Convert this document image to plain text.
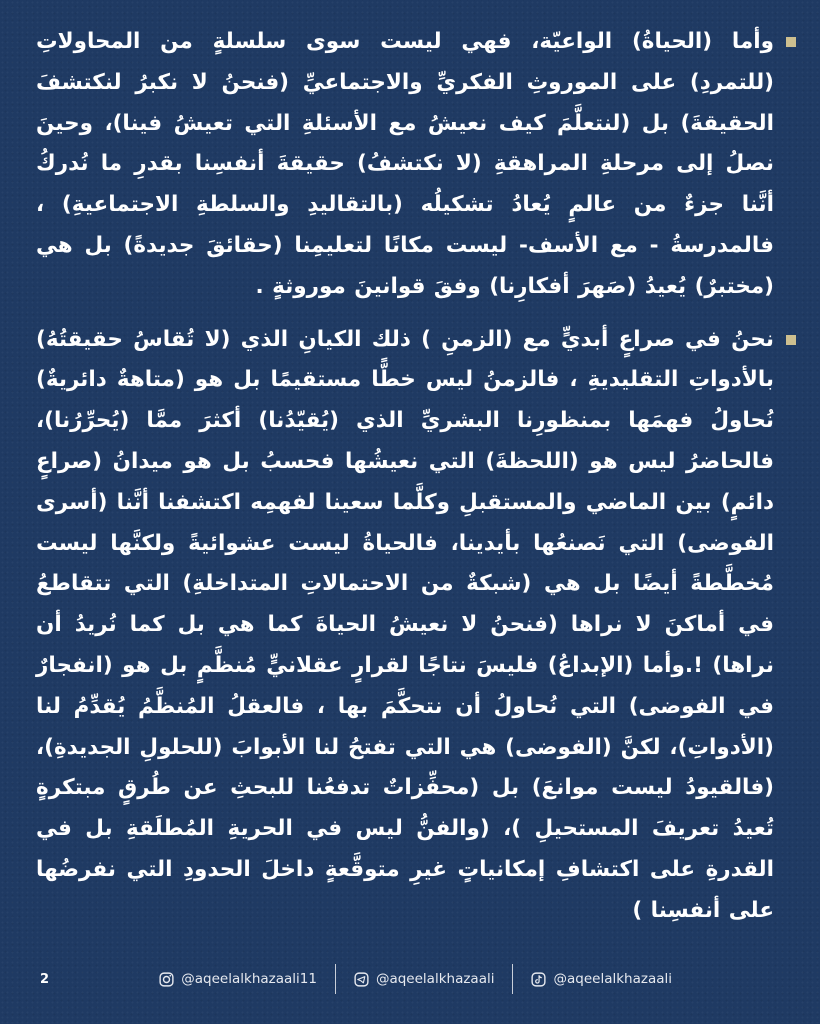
وأما (الحياةُ) الواعيّة، فهي ليست سوى سلسلةٍ من المحاولاتِ (للتمردِ) على الموروثِ الفكريِّ والاجتماعيِّ (فنحنُ لا نكبرُ لنكتشفَ الحقيقةَ) بل (لنتعلَّمَ كيف نعيشُ مع الأسئلةِ التي تعيشُ فينا)، وحينَ نصلُ إلى مرحلةِ المراهقةِ (لا نكتشفُ) حقيقةَ أنفسِنا بقدرِ ما نُدركُ أنَّنا جزءٌ من عالمٍ يُعادُ تشكيلُه (بالتقاليدِ والسلطةِ الاجتماعيةِ) ، فالمدرسةُ - مع الأسف- ليست مكانًا لتعليمِنا (حقائقَ جديدةً) بل هي (مختبرٌ) يُعيدُ (صَهرَ أفكارِنا) وفقَ قوانينَ موروثةٍ .

نحنُ في صراعٍ أبديٍّ مع (الزمنِ ) ذلك الكيانِ الذي (لا تُقاسُ حقيقتُهُ) بالأدواتِ التقليديةِ ، فالزمنُ ليس خطًّا مستقيمًا بل هو (متاهةٌ دائريةٌ) نُحاولُ فهمَها بمنظورِنا البشريِّ الذي (يُقيّدُنا) أكثرَ ممَّا (يُحرِّرُنا)، فالحاضرُ ليس هو (اللحظةَ) التي نعيشُها فحسبُ بل هو ميدانُ (صراعٍ دائمٍ) بين الماضي والمستقبلِ وكلَّما سعينا لفهمِه اكتشفنا أنَّنا (أسرى الفوضى) التي نَصنعُها بأيدينا، فالحياةُ ليست عشوائيةً ولكنَّها ليست مُخطَّطةً أيضًا بل هي (شبكةٌ من الاحتمالاتِ المتداخلةِ) التي تتقاطعُ في أماكنَ لا نراها (فنحنُ لا نعيشُ الحياةَ كما هي بل كما نُريدُ أن نراها) !.وأما (الإبداعُ) فليسَ نتاجًا لقرارٍ عقلانيٍّ مُنظَّمٍ بل هو (انفجارٌ في الفوضى) التي نُحاولُ أن نتحكَّمَ بها ، فالعقلُ المُنظَّمُ يُقدِّمُ لنا (الأدواتِ)، لكنَّ (الفوضى) هي التي تفتحُ لنا الأبوابَ (للحلولِ الجديدةِ)، (فالقيودُ ليست موانعَ) بل (محفِّزاتٌ تدفعُنا للبحثِ عن طُرقٍ مبتكرةٍ تُعيدُ تعريفَ المستحيلِ )، (والفنُّ ليس في الحريةِ المُطلَقةِ بل في القدرةِ على اكتشافِ إمكانياتٍ غيرِ متوقَّعةٍ داخلَ الحدودِ التي نفرضُها على أنفسِنا )

2	@aqeelalkhazaali11	@aqeelalkhazaali	@aqeelalkhazaali
